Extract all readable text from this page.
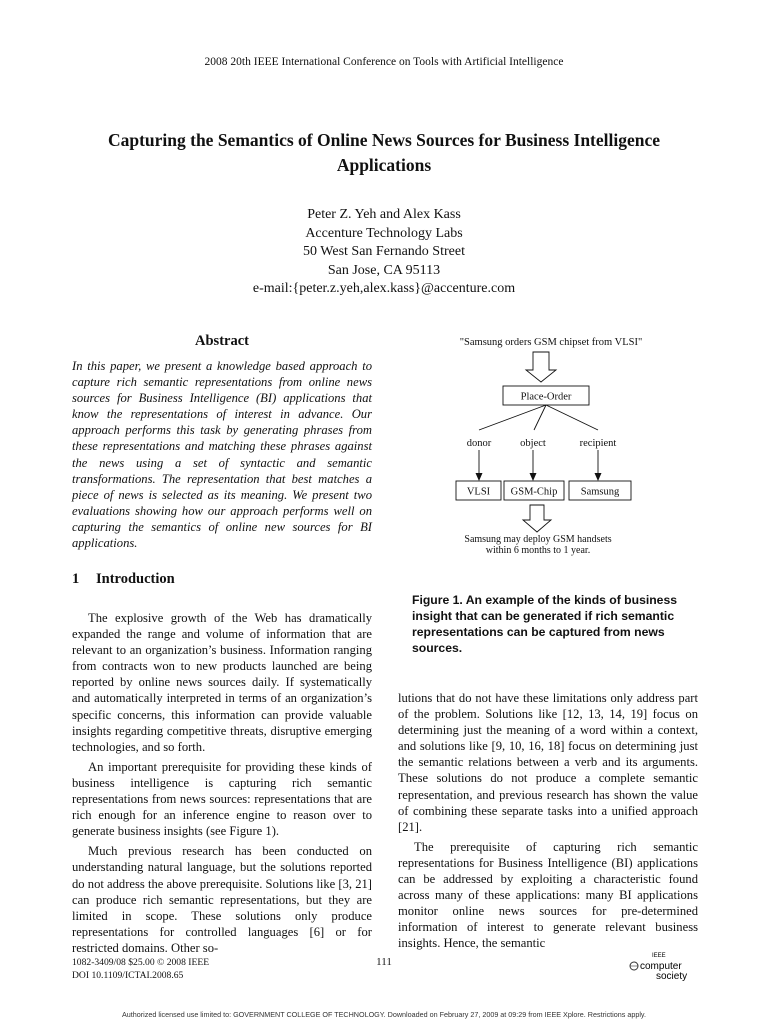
2008 20th IEEE International Conference on Tools with Artificial Intelligence
Capturing the Semantics of Online News Sources for Business Intelligence
Applications
Peter Z. Yeh and Alex Kass
Accenture Technology Labs
50 West San Fernando Street
San Jose, CA 95113
e-mail:{peter.z.yeh,alex.kass}@accenture.com
Abstract
In this paper, we present a knowledge based approach to capture rich semantic representations from online news sources for Business Intelligence (BI) applications that know the representations of interest in advance. Our approach performs this task by generating phrases from these representations and matching these phrases against the news using a set of syntactic and semantic transformations. The representation that best matches a piece of news is selected as its meaning. We present two evaluations showing how our approach performs well on capturing the semantics of online new sources for BI applications.
1 Introduction

The explosive growth of the Web has dramatically expanded the range and volume of information that are relevant to an organization’s business. Information ranging from contracts won to new products launched are being reported by online news sources daily. If systematically and automatically interpreted in terms of an organization’s specific concerns, this information can provide valuable insights regarding competitive threats, disruptive emerging technologies, and so forth.

An important prerequisite for providing these kinds of business intelligence is capturing rich semantic representations from news sources: representations that are rich enough for an inference engine to reason over to generate business insights (see Figure 1).

Much previous research has been conducted on understanding natural language, but the solutions reported do not address the above prerequisite. Solutions like [3, 21] can produce rich semantic representations, but they are limited in scope. These solutions only produce representations for controlled languages [6] or for restricted domains. Other so-

lutions that do not have these limitations only address part of the problem. Solutions like [12, 13, 14, 19] focus on determining just the meaning of a word within a context, and solutions like [9, 10, 16, 18] focus on determining just the semantic relations between a verb and its arguments. These solutions do not produce a complete semantic representation, and previous research has shown the value of combining these separate tasks into a unified approach [21].

The prerequisite of capturing rich semantic representations for Business Intelligence (BI) applications can be addressed by exploiting a characteristic found across many of these applications: many BI applications monitor online news sources for pre-determined information of interest to generate relevant business insights. Hence, the semantic

"Samsung orders GSM chipset from VLSI"
Place-Order
donor	object	recipient
VLSI GSM-Chip Samsung
Samsung may deploy GSM handsets
within 6 months to 1 year.
Figure 1. An example of the kinds of business insight that can be generated if rich semantic representations can be captured from news sources.
1082-3409/08 $25.00 © 2008 IEEE
DOI 10.1109/ICTAI.2008.65
111	IEEE
computer
society
Authorized licensed use limited to: GOVERNMENT COLLEGE OF TECHNOLOGY. Downloaded on February 27, 2009 at 09:29 from IEEE Xplore. Restrictions apply.
